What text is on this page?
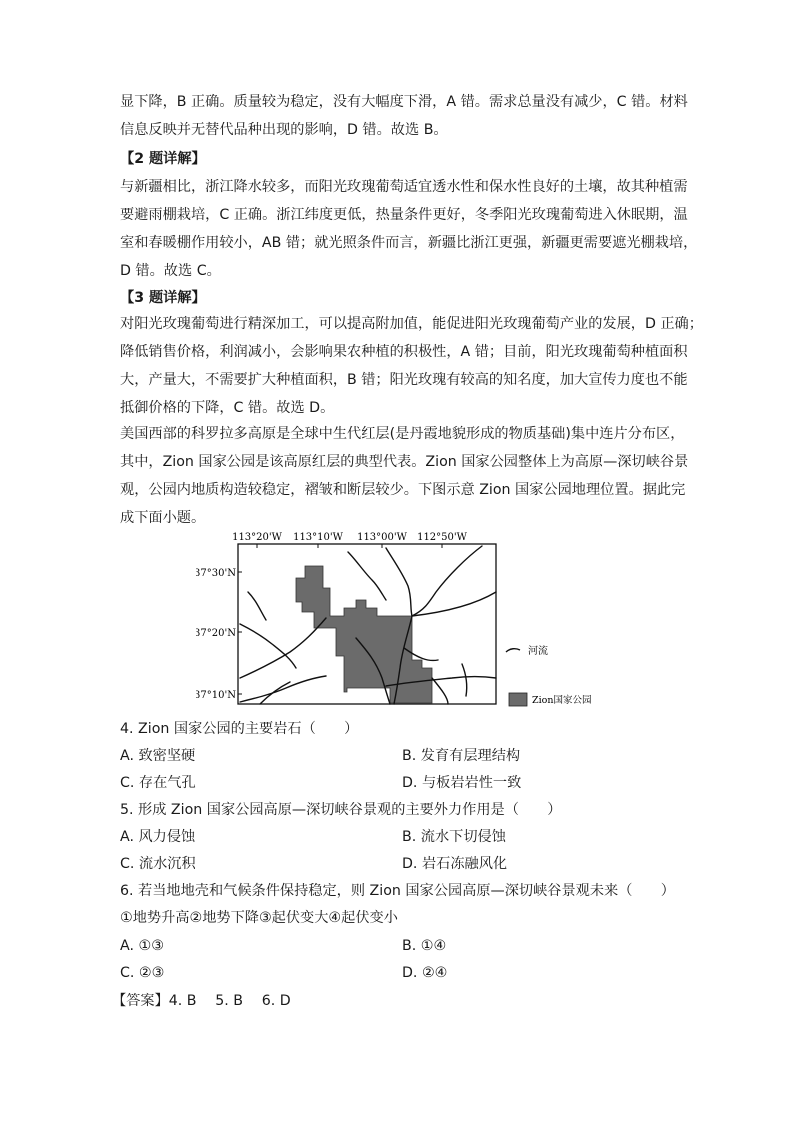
显下降，B 正确。质量较为稳定，没有大幅度下滑，A 错。需求总量没有减少，C 错。材料
信息反映并无替代品种出现的影响，D 错。故选 B。
【2 题详解】
与新疆相比，浙江降水较多，而阳光玫瑰葡萄适宜透水性和保水性良好的土壤，故其种植需
要避雨棚栽培，C 正确。浙江纬度更低，热量条件更好，冬季阳光玫瑰葡萄进入休眠期，温
室和春暖棚作用较小，AB 错；就光照条件而言，新疆比浙江更强，新疆更需要遮光棚栽培，
D 错。故选 C。
【3 题详解】
对阳光玫瑰葡萄进行精深加工，可以提高附加值，能促进阳光玫瑰葡萄产业的发展，D 正确；
降低销售价格，利润减小，会影响果农种植的积极性，A 错；目前，阳光玫瑰葡萄种植面积
大，产量大，不需要扩大种植面积，B 错；阳光玫瑰有较高的知名度，加大宣传力度也不能
抵御价格的下降，C 错。故选 D。
美国西部的科罗拉多高原是全球中生代红层(是丹霞地貌形成的物质基础)集中连片分布区，
其中，Zion 国家公园是该高原红层的典型代表。Zion 国家公园整体上为高原—深切峡谷景
观，公园内地质构造较稳定，褶皱和断层较少。下图示意 Zion 国家公园地理位置。据此完
成下面小题。
113°20'W 113°10'W 113°00'W 112°50'W
37°30'N
37°20'N
37°10'N
河流
Zion国家公园
4. Zion 国家公园的主要岩石（　　）
A. 致密坚硬	B. 发育有层理结构
C. 存在气孔	D. 与板岩岩性一致
5. 形成 Zion 国家公园高原—深切峡谷景观的主要外力作用是（　　）
A. 风力侵蚀	B. 流水下切侵蚀
C. 流水沉积	D. 岩石冻融风化
6. 若当地地壳和气候条件保持稳定，则 Zion 国家公园高原—深切峡谷景观未来（　　）
①地势升高②地势下降③起伏变大④起伏变小
A. ①③	B. ①④
C. ②③	D. ②④
【答案】4. B　 5. B　 6. D
